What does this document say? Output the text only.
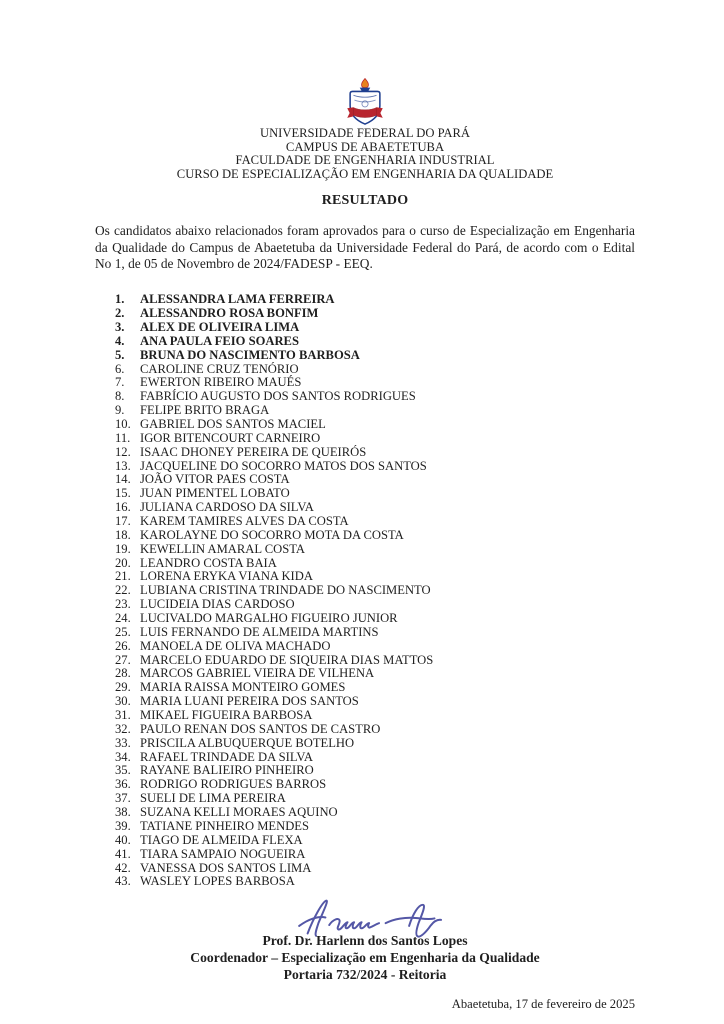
UNIVERSIDADE FEDERAL DO PARÁ
CAMPUS DE ABAETETUBA
FACULDADE DE ENGENHARIA INDUSTRIAL
CURSO DE ESPECIALIZAÇÃO EM ENGENHARIA DA QUALIDADE
RESULTADO

Os candidatos abaixo relacionados foram aprovados para o curso de Especialização em Engenharia da Qualidade do Campus de Abaetetuba da Universidade Federal do Pará, de acordo com o Edital No 1, de 05 de Novembro de 2024/FADESP - EEQ.

1. ALESSANDRA LAMA FERREIRA
2. ALESSANDRO ROSA BONFIM
3. ALEX DE OLIVEIRA LIMA
4. ANA PAULA FEIO SOARES
5. BRUNA DO NASCIMENTO BARBOSA
6. CAROLINE CRUZ TENÓRIO
7. EWERTON RIBEIRO MAUÉS
8. FABRÍCIO AUGUSTO DOS SANTOS RODRIGUES
9. FELIPE BRITO BRAGA
10. GABRIEL DOS SANTOS MACIEL
11. IGOR BITENCOURT CARNEIRO
12. ISAAC DHONEY PEREIRA DE QUEIRÓS
13. JACQUELINE DO SOCORRO MATOS DOS SANTOS
14. JOÃO VITOR PAES COSTA
15. JUAN PIMENTEL LOBATO
16. JULIANA CARDOSO DA SILVA
17. KAREM TAMIRES ALVES DA COSTA
18. KAROLAYNE DO SOCORRO MOTA DA COSTA
19. KEWELLIN AMARAL COSTA
20. LEANDRO COSTA BAIA
21. LORENA ERYKA VIANA KIDA
22. LUBIANA CRISTINA TRINDADE DO NASCIMENTO
23. LUCIDEIA DIAS CARDOSO
24. LUCIVALDO MARGALHO FIGUEIRO JUNIOR
25. LUIS FERNANDO DE ALMEIDA MARTINS
26. MANOELA DE OLIVA MACHADO
27. MARCELO EDUARDO DE SIQUEIRA DIAS MATTOS
28. MARCOS GABRIEL VIEIRA DE VILHENA
29. MARIA RAISSA MONTEIRO GOMES
30. MARIA LUANI PEREIRA DOS SANTOS
31. MIKAEL FIGUEIRA BARBOSA
32. PAULO RENAN DOS SANTOS DE CASTRO
33. PRISCILA ALBUQUERQUE BOTELHO
34. RAFAEL TRINDADE DA SILVA
35. RAYANE BALIEIRO PINHEIRO
36. RODRIGO RODRIGUES BARROS
37. SUELI DE LIMA PEREIRA
38. SUZANA KELLI MORAES AQUINO
39. TATIANE PINHEIRO MENDES
40. TIAGO DE ALMEIDA FLEXA
41. TIARA SAMPAIO NOGUEIRA
42. VANESSA DOS SANTOS LIMA
43. WASLEY LOPES BARBOSA
Prof. Dr. Harlenn dos Santos Lopes
Coordenador – Especialização em Engenharia da Qualidade
Portaria 732/2024 - Reitoria
Abaetetuba, 17 de fevereiro de 2025
